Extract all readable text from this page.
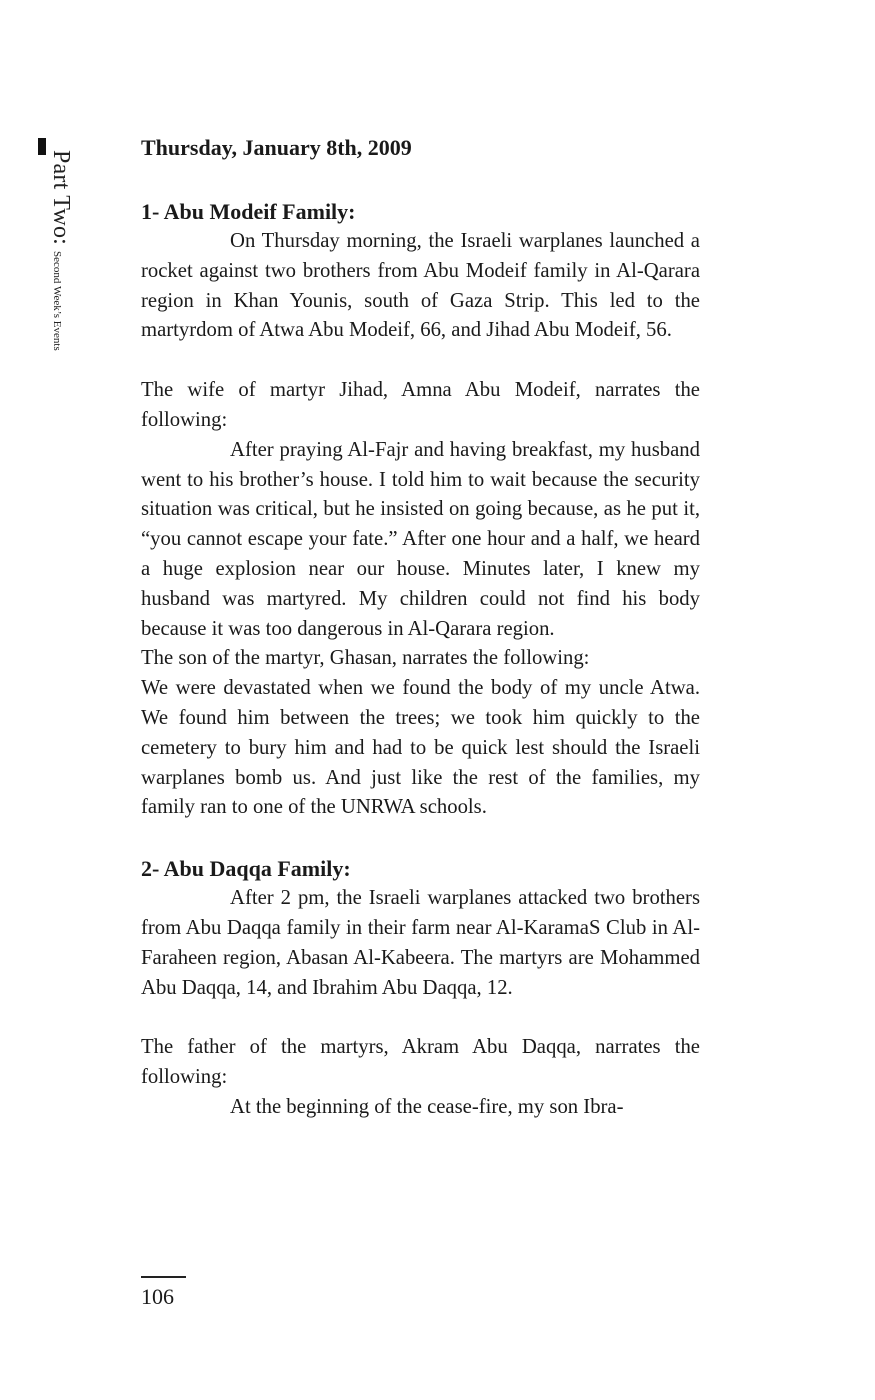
Part Two: Second Week’s Events
Thursday, January 8th, 2009
1- Abu Modeif Family:

On Thursday morning, the Israeli warplanes launched a rocket against two brothers from Abu Modeif family in Al-Qarara region in Khan Younis, south of Gaza Strip. This led to the martyrdom of Atwa Abu Modeif, 66, and Jihad Abu Modeif, 56.

The wife of martyr Jihad, Amna Abu Modeif, narrates the following:

After praying Al-Fajr and having breakfast, my husband went to his brother’s house. I told him to wait because the security situation was critical, but he insisted on going because, as he put it, “you cannot escape your fate.” After one hour and a half, we heard a huge explosion near our house. Minutes later, I knew my husband was martyred. My children could not find his body because it was too dangerous in Al-Qarara region.

The son of the martyr, Ghasan, narrates the following:

We were devastated when we found the body of my uncle Atwa. We found him between the trees; we took him quickly to the cemetery to bury him and had to be quick lest should the Israeli warplanes bomb us. And just like the rest of the families, my family ran to one of the UNRWA schools.

2- Abu Daqqa Family:

After 2 pm, the Israeli warplanes attacked two brothers from Abu Daqqa family in their farm near Al-KaramaS Club in Al-Faraheen region, Abasan Al-Kabeera. The martyrs are Mohammed Abu Daqqa, 14, and Ibrahim Abu Daqqa, 12.

The father of the martyrs, Akram Abu Daqqa, narrates the following:

At the beginning of the cease-fire, my son Ibra-

106
